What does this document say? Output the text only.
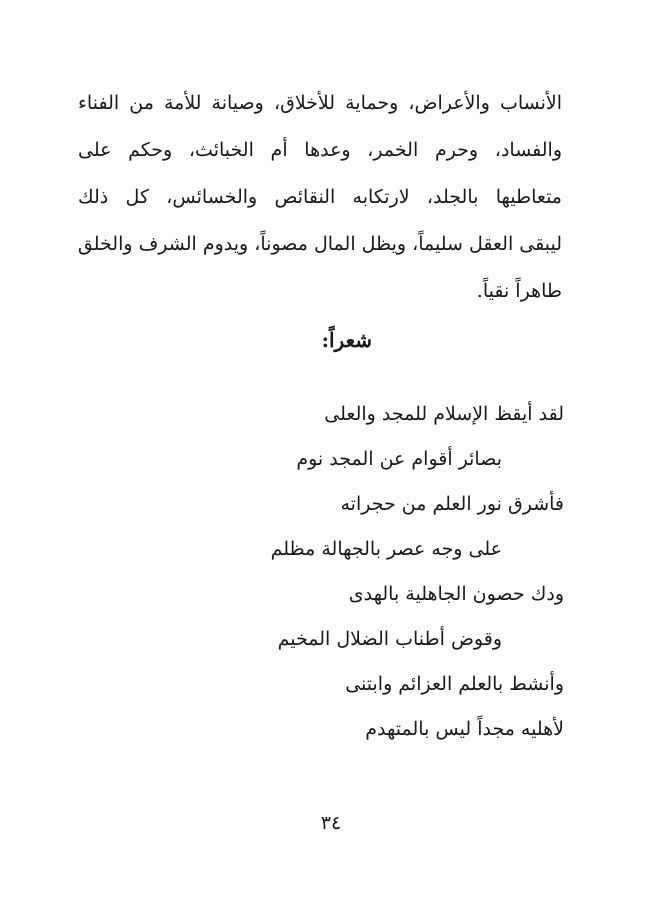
الأنساب والأعراض، وحماية للأخلاق، وصيانة للأمة من الفناء
والفساد، وحرم الخمر، وعدها أم الخبائث، وحكم على
متعاطيها بالجلد، لارتكابه النقائص والخسائس، كل ذلك
ليبقى العقل سليماً، ويظل المال مصوناً، ويدوم الشرف والخلق
طاهراً نقياً.
شعراً:
لقد أيقظ الإسلام للمجد والعلى
بصائر أقوام عن المجد نوم
فأشرق نور العلم من حجراته
على وجه عصر بالجهالة مظلم
ودك حصون الجاهلية بالهدى
وقوض أطناب الضلال المخيم
وأنشط بالعلم العزائم وابتنى
لأهليه مجداً ليس بالمتهدم
٣٤
